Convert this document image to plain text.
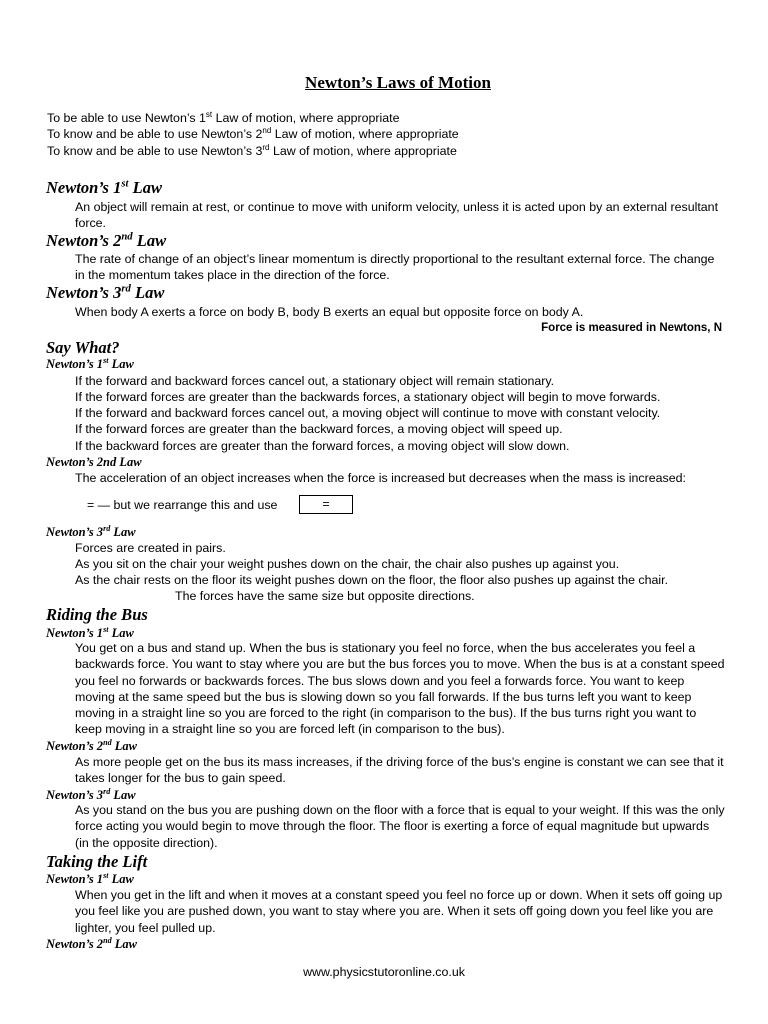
Newton’s Laws of Motion
To be able to use Newton’s 1st Law of motion, where appropriate
To know and be able to use Newton’s 2nd Law of motion, where appropriate
To know and be able to use Newton’s 3rd Law of motion, where appropriate
Newton’s 1st Law
An object will remain at rest, or continue to move with uniform velocity, unless it is acted upon by an external resultant force.
Newton’s 2nd Law
The rate of change of an object’s linear momentum is directly proportional to the resultant external force. The change in the momentum takes place in the direction of the force.
Newton’s 3rd Law
When body A exerts a force on body B, body B exerts an equal but opposite force on body A.
Force is measured in Newtons, N
Say What?
Newton’s 1st Law
If the forward and backward forces cancel out, a stationary object will remain stationary.
If the forward forces are greater than the backwards forces, a stationary object will begin to move forwards.
If the forward and backward forces cancel out, a moving object will continue to move with constant velocity.
If the forward forces are greater than the backward forces, a moving object will speed up.
If the backward forces are greater than the forward forces, a moving object will slow down.
Newton’s 2nd Law
The acceleration of an object increases when the force is increased but decreases when the mass is increased:
= — but we rearrange this and use	=
Newton’s 3rd Law
Forces are created in pairs.
As you sit on the chair your weight pushes down on the chair, the chair also pushes up against you.
As the chair rests on the floor its weight pushes down on the floor, the floor also pushes up against the chair.
The forces have the same size but opposite directions.
Riding the Bus
Newton’s 1st Law
You get on a bus and stand up. When the bus is stationary you feel no force, when the bus accelerates you feel a backwards force. You want to stay where you are but the bus forces you to move. When the bus is at a constant speed you feel no forwards or backwards forces. The bus slows down and you feel a forwards force. You want to keep moving at the same speed but the bus is slowing down so you fall forwards. If the bus turns left you want to keep moving in a straight line so you are forced to the right (in comparison to the bus). If the bus turns right you want to keep moving in a straight line so you are forced left (in comparison to the bus).
Newton’s 2nd Law
As more people get on the bus its mass increases, if the driving force of the bus’s engine is constant we can see that it takes longer for the bus to gain speed.
Newton’s 3rd Law
As you stand on the bus you are pushing down on the floor with a force that is equal to your weight. If this was the only force acting you would begin to move through the floor. The floor is exerting a force of equal magnitude but upwards (in the opposite direction).
Taking the Lift
Newton’s 1st Law
When you get in the lift and when it moves at a constant speed you feel no force up or down. When it sets off going up you feel like you are pushed down, you want to stay where you are. When it sets off going down you feel like you are lighter, you feel pulled up.
Newton’s 2nd Law
www.physicstutoronline.co.uk
